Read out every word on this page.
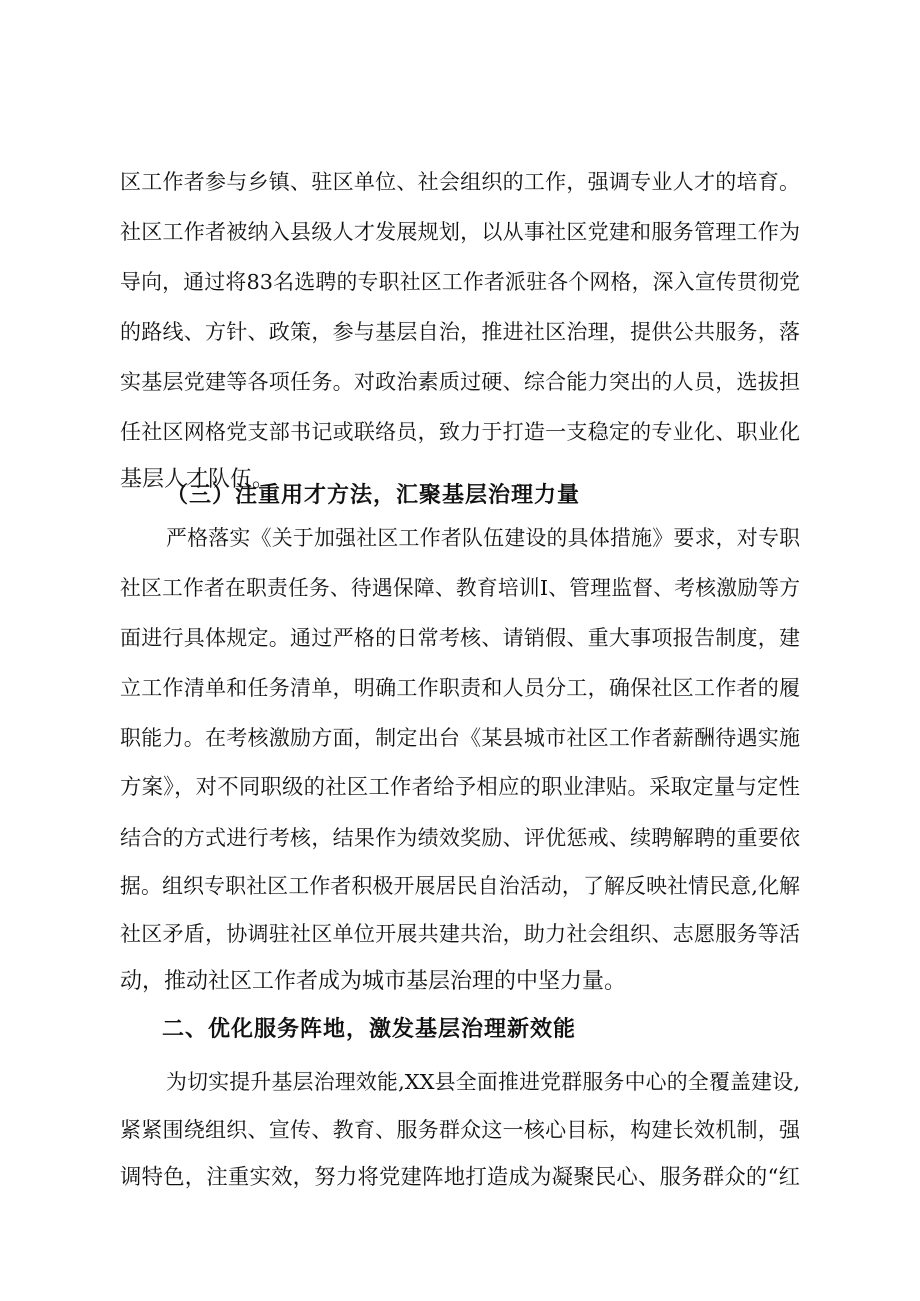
区工作者参与乡镇、驻区单位、社会组织的工作，强调专业人才的培育。
社区工作者被纳入县级人才发展规划，以从事社区党建和服务管理工作为
导向，通过将83名选聘的专职社区工作者派驻各个网格，深入宣传贯彻党
的路线、方针、政策，参与基层自治，推进社区治理，提供公共服务，落
实基层党建等各项任务。对政治素质过硬、综合能力突出的人员，选拔担
任社区网格党支部书记或联络员，致力于打造一支稳定的专业化、职业化
基层人才队伍。
（三）注重用才方法，汇聚基层治理力量
严格落实《关于加强社区工作者队伍建设的具体措施》要求，对专职
社区工作者在职责任务、待遇保障、教育培训I、管理监督、考核激励等方
面进行具体规定。通过严格的日常考核、请销假、重大事项报告制度，建
立工作清单和任务清单，明确工作职责和人员分工，确保社区工作者的履
职能力。在考核激励方面，制定出台《某县城市社区工作者薪酬待遇实施
方案》，对不同职级的社区工作者给予相应的职业津贴。采取定量与定性
结合的方式进行考核，结果作为绩效奖励、评优惩戒、续聘解聘的重要依
据。组织专职社区工作者积极开展居民自治活动，了解反映社情民意,化解
社区矛盾，协调驻社区单位开展共建共治，助力社会组织、志愿服务等活
动，推动社区工作者成为城市基层治理的中坚力量。
二、优化服务阵地，激发基层治理新效能
为切实提升基层治理效能,XX县全面推进党群服务中心的全覆盖建设,
紧紧围绕组织、宣传、教育、服务群众这一核心目标，构建长效机制，强
调特色，注重实效，努力将党建阵地打造成为凝聚民心、服务群众的“红
